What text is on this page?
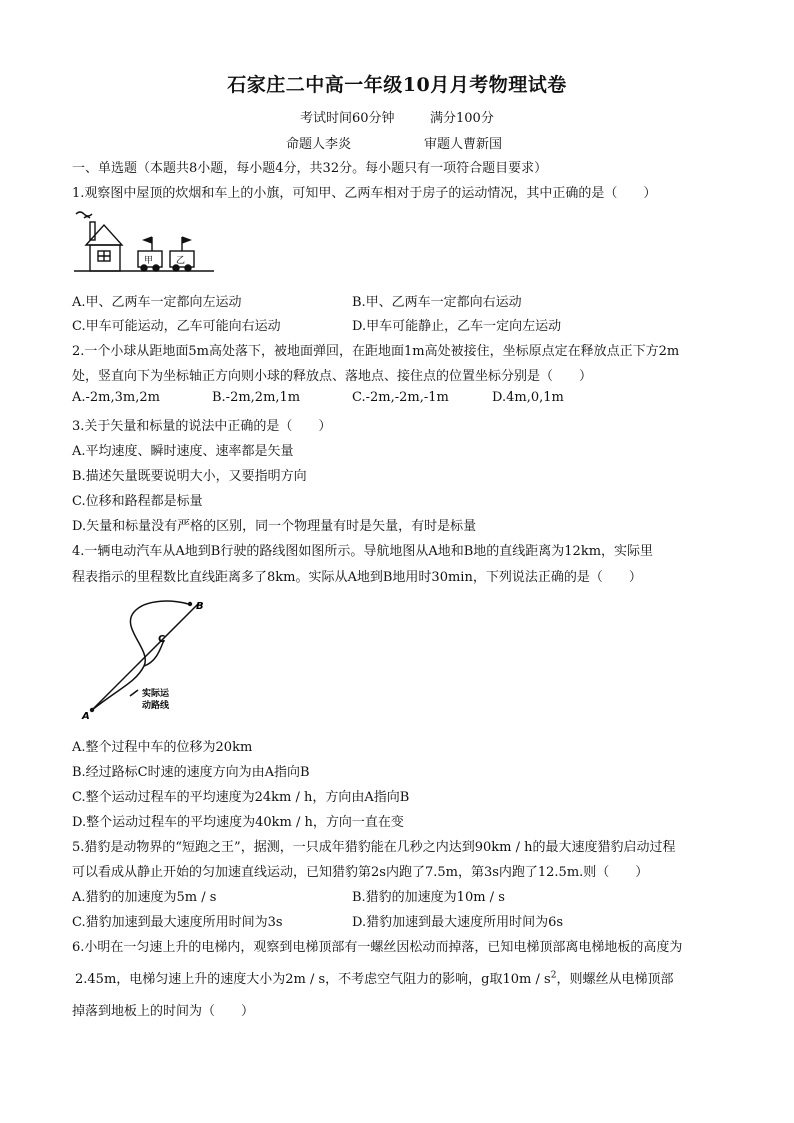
石家庄二中高一年级10月月考物理试卷
考试时间60分钟	满分100分
命题人李炎	审题人曹新国
一、单选题（本题共8小题，每小题4分，共32分。每小题只有一项符合题目要求）
1.观察图中屋顶的炊烟和车上的小旗，可知甲、乙两车相对于房子的运动情况，其中正确的是（　　）
甲	乙
A.甲、乙两车一定都向左运动	B.甲、乙两车一定都向右运动
C.甲车可能运动，乙车可能向右运动	D.甲车可能静止，乙车一定向左运动
2.一个小球从距地面5m高处落下，被地面弹回，在距地面1m高处被接住，坐标原点定在释放点正下方2m
处，竖直向下为坐标轴正方向则小球的释放点、落地点、接住点的位置坐标分别是（　　）
A.-2m,3m,2m	B.-2m,2m,1m	C.-2m,-2m,-1m	D.4m,0,1m
3.关于矢量和标量的说法中正确的是（　　）
A.平均速度、瞬时速度、速率都是矢量
B.描述矢量既要说明大小，又要指明方向
C.位移和路程都是标量
D.矢量和标量没有严格的区别，同一个物理量有时是矢量，有时是标量
4.一辆电动汽车从A地到B行驶的路线图如图所示。导航地图从A地和B地的直线距离为12km，实际里
程表指示的里程数比直线距离多了8km。实际从A地到B地用时30min，下列说法正确的是（　　）
A
B
C
实际运
动路线
A.整个过程中车的位移为20km
B.经过路标C时速的速度方向为由A指向B
C.整个运动过程车的平均速度为24km / h，方向由A指向B
D.整个运动过程车的平均速度为40km / h，方向一直在变
5.猎豹是动物界的“短跑之王”，据测，一只成年猎豹能在几秒之内达到90km / h的最大速度猎豹启动过程
可以看成从静止开始的匀加速直线运动，已知猎豹第2s内跑了7.5m，第3s内跑了12.5m.则（　　）
A.猎豹的加速度为5m / s	B.猎豹的加速度为10m / s
C.猎豹加速到最大速度所用时间为3s	D.猎豹加速到最大速度所用时间为6s
6.小明在一匀速上升的电梯内，观察到电梯顶部有一螺丝因松动而掉落，已知电梯顶部离电梯地板的高度为
2.45m，电梯匀速上升的速度大小为2m / s，不考虑空气阻力的影响，g取$10m / s^2$，则螺丝从电梯顶部
掉落到地板上的时间为（　　）
